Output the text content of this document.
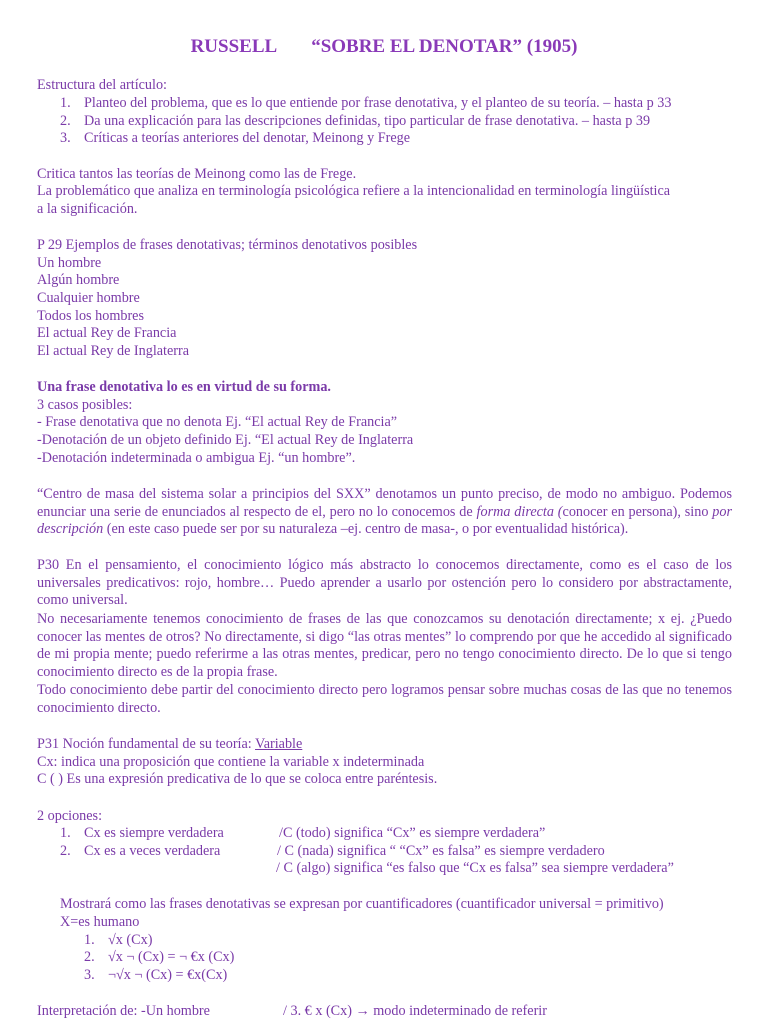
RUSSELL “SOBRE EL DENOTAR” (1905)
Estructura del artículo:
1. Planteo del problema, que es lo que entiende por frase denotativa, y el planteo de su teoría. – hasta p 33
2. Da una explicación para las descripciones definidas, tipo particular de frase denotativa. – hasta p 39
3. Críticas a teorías anteriores del denotar, Meinong y Frege
Critica tantos las teorías de Meinong como las de Frege.
La problemático que analiza en terminología psicológica refiere a la intencionalidad en terminología lingüística
a la significación.
P 29 Ejemplos de frases denotativas; términos denotativos posibles
Un hombre
Algún hombre
Cualquier hombre
Todos los hombres
El actual Rey de Francia
El actual Rey de Inglaterra
Una frase denotativa lo es en virtud de su forma.
3 casos posibles:
- Frase denotativa que no denota Ej. “El actual Rey de Francia”
-Denotación de un objeto definido Ej. “El actual Rey de Inglaterra
-Denotación indeterminada o ambigua Ej. “un hombre”.
“Centro de masa del sistema solar a principios del SXX” denotamos un punto preciso, de modo no ambiguo. Podemos enunciar una serie de enunciados al respecto de el, pero no lo conocemos de forma directa (conocer en persona), sino por descripción (en este caso puede ser por su naturaleza –ej. centro de masa-, o por eventualidad histórica).
P30 En el pensamiento, el conocimiento lógico más abstracto lo conocemos directamente, como es el caso de los universales predicativos: rojo, hombre… Puedo aprender a usarlo por ostención pero lo considero por abstractamente, como universal.
No necesariamente tenemos conocimiento de frases de las que conozcamos su denotación directamente; x ej. ¿Puedo conocer las mentes de otros? No directamente, si digo “las otras mentes” lo comprendo por que he accedido al significado de mi propia mente; puedo referirme a las otras mentes, predicar, pero no tengo conocimiento directo. De lo que si tengo conocimiento directo es de la propia frase.
Todo conocimiento debe partir del conocimiento directo pero logramos pensar sobre muchas cosas de las que no tenemos conocimiento directo.
P31 Noción fundamental de su teoría: Variable
Cx: indica una proposición que contiene la variable x indeterminada
C ( ) Es una expresión predicativa de lo que se coloca entre paréntesis.
2 opciones:
1. Cx es siempre verdadera	/C (todo) significa “Cx” es siempre verdadera”
2. Cx es a veces verdadera	/ C (nada) significa “ “Cx” es falsa” es siempre verdadero
/ C (algo) significa “es falso que “Cx es falsa” sea siempre verdadera”
Mostrará como las frases denotativas se expresan por cuantificadores (cuantificador universal = primitivo)
X=es humano
1. √x (Cx)
2. √x ¬ (Cx) = ¬ €x (Cx)
3. ¬√x ¬ (Cx) = €x(Cx)
Interpretación de: -Un hombre	/ 3. € x (Cx) → modo indeterminado de referir
